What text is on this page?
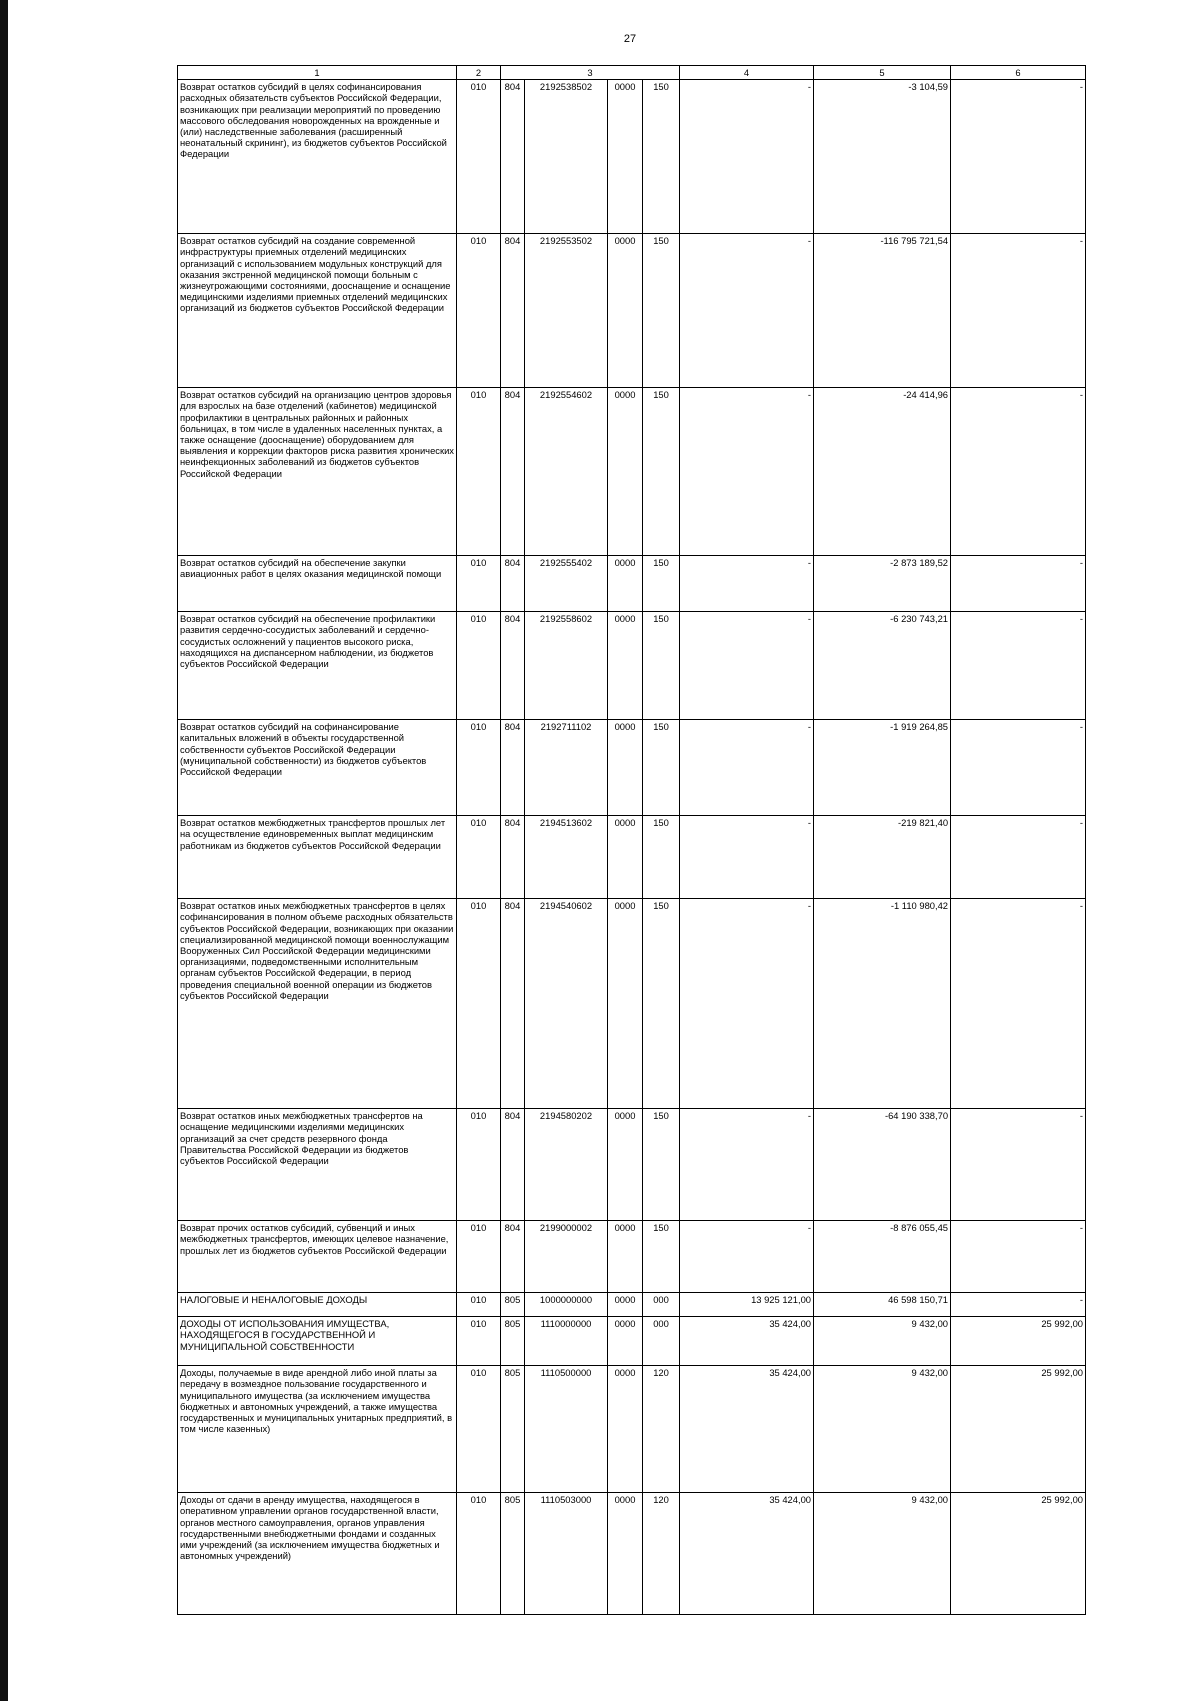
27
1	2	3				4	5	6
Возврат остатков субсидий в целях софинансирования расходных обязательств субъектов Российской Федерации, возникающих при реализации мероприятий по проведению массового обследования новорожденных на врожденные и (или) наследственные заболевания (расширенный неонатальный скрининг), из бюджетов субъектов Российской Федерации	010	804	2192538502	0000	150	-	-3 104,59	-
Возврат остатков субсидий на создание современной инфраструктуры приемных отделений медицинских организаций с использованием модульных конструкций для оказания экстренной медицинской помощи больным с жизнеугрожающими состояниями, дооснащение и оснащение медицинскими изделиями приемных отделений медицинских организаций из бюджетов субъектов Российской Федерации	010	804	2192553502	0000	150	-	-116 795 721,54	-
Возврат остатков субсидий на организацию центров здоровья для взрослых на базе отделений (кабинетов) медицинской профилактики в центральных районных и районных больницах, в том числе в удаленных населенных пунктах, а также оснащение (дооснащение) оборудованием для выявления и коррекции факторов риска развития хронических неинфекционных заболеваний из бюджетов субъектов Российской Федерации	010	804	2192554602	0000	150	-	-24 414,96	-
Возврат остатков субсидий на обеспечение закупки авиационных работ в целях оказания медицинской помощи	010	804	2192555402	0000	150	-	-2 873 189,52	-
Возврат остатков субсидий на обеспечение профилактики развития сердечно-сосудистых заболеваний и сердечно-сосудистых осложнений у пациентов высокого риска, находящихся на диспансерном наблюдении, из бюджетов субъектов Российской Федерации	010	804	2192558602	0000	150	-	-6 230 743,21	-
Возврат остатков субсидий на софинансирование капитальных вложений в объекты государственной собственности субъектов Российской Федерации (муниципальной собственности) из бюджетов субъектов Российской Федерации	010	804	2192711102	0000	150	-	-1 919 264,85	-
Возврат остатков межбюджетных трансфертов прошлых лет на осуществление единовременных выплат медицинским работникам из бюджетов субъектов Российской Федерации	010	804	2194513602	0000	150	-	-219 821,40	-
Возврат остатков иных межбюджетных трансфертов в целях софинансирования в полном объеме расходных обязательств субъектов Российской Федерации, возникающих при оказании специализированной медицинской помощи военнослужащим Вооруженных Сил Российской Федерации медицинскими организациями, подведомственными исполнительным органам субъектов Российской Федерации, в период проведения специальной военной операции из бюджетов субъектов Российской Федерации	010	804	2194540602	0000	150	-	-1 110 980,42	-
Возврат остатков иных межбюджетных трансфертов на оснащение медицинскими изделиями медицинских организаций за счет средств резервного фонда Правительства Российской Федерации из бюджетов субъектов Российской Федерации	010	804	2194580202	0000	150	-	-64 190 338,70	-
Возврат прочих остатков субсидий, субвенций и иных межбюджетных трансфертов, имеющих целевое назначение, прошлых лет из бюджетов субъектов Российской Федерации	010	804	2199000002	0000	150	-	-8 876 055,45	-
НАЛОГОВЫЕ И НЕНАЛОГОВЫЕ ДОХОДЫ	010	805	1000000000	0000	000	13 925 121,00	46 598 150,71	-
ДОХОДЫ ОТ ИСПОЛЬЗОВАНИЯ ИМУЩЕСТВА, НАХОДЯЩЕГОСЯ В ГОСУДАРСТВЕННОЙ И МУНИЦИПАЛЬНОЙ СОБСТВЕННОСТИ	010	805	1110000000	0000	000	35 424,00	9 432,00	25 992,00
Доходы, получаемые в виде арендной либо иной платы за передачу в возмездное пользование государственного и муниципального имущества (за исключением имущества бюджетных и автономных учреждений, а также имущества государственных и муниципальных унитарных предприятий, в том числе казенных)	010	805	1110500000	0000	120	35 424,00	9 432,00	25 992,00
Доходы от сдачи в аренду имущества, находящегося в оперативном управлении органов государственной власти, органов местного самоуправления, органов управления государственными внебюджетными фондами и созданных ими учреждений (за исключением имущества бюджетных и автономных учреждений)	010	805	1110503000	0000	120	35 424,00	9 432,00	25 992,00
